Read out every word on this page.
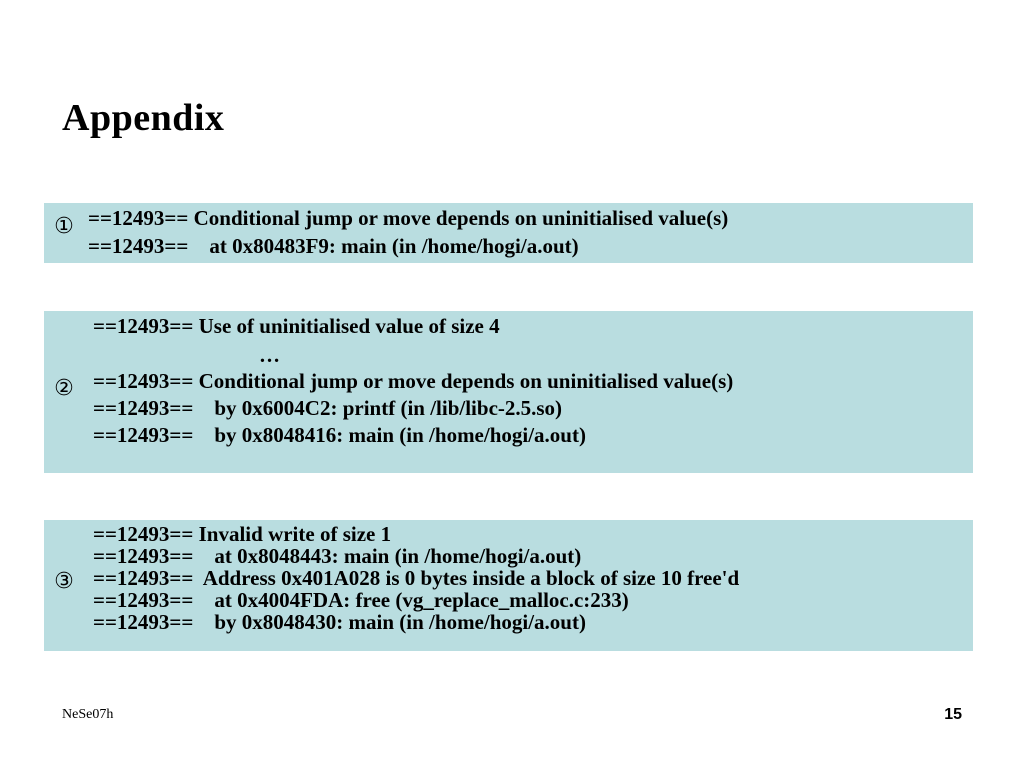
Appendix
① ==12493== Conditional jump or move depends on uninitialised value(s)
==12493==    at 0x80483F9: main (in /home/hogi/a.out)
②
==12493== Use of uninitialised value of size 4
…
==12493== Conditional jump or move depends on uninitialised value(s)
==12493==    by 0x6004C2: printf (in /lib/libc-2.5.so)
==12493==    by 0x8048416: main (in /home/hogi/a.out)
③
==12493== Invalid write of size 1
==12493==    at 0x8048443: main (in /home/hogi/a.out)
==12493==  Address 0x401A028 is 0 bytes inside a block of size 10 free'd
==12493==    at 0x4004FDA: free (vg_replace_malloc.c:233)
==12493==    by 0x8048430: main (in /home/hogi/a.out)
NeSe07h	15
